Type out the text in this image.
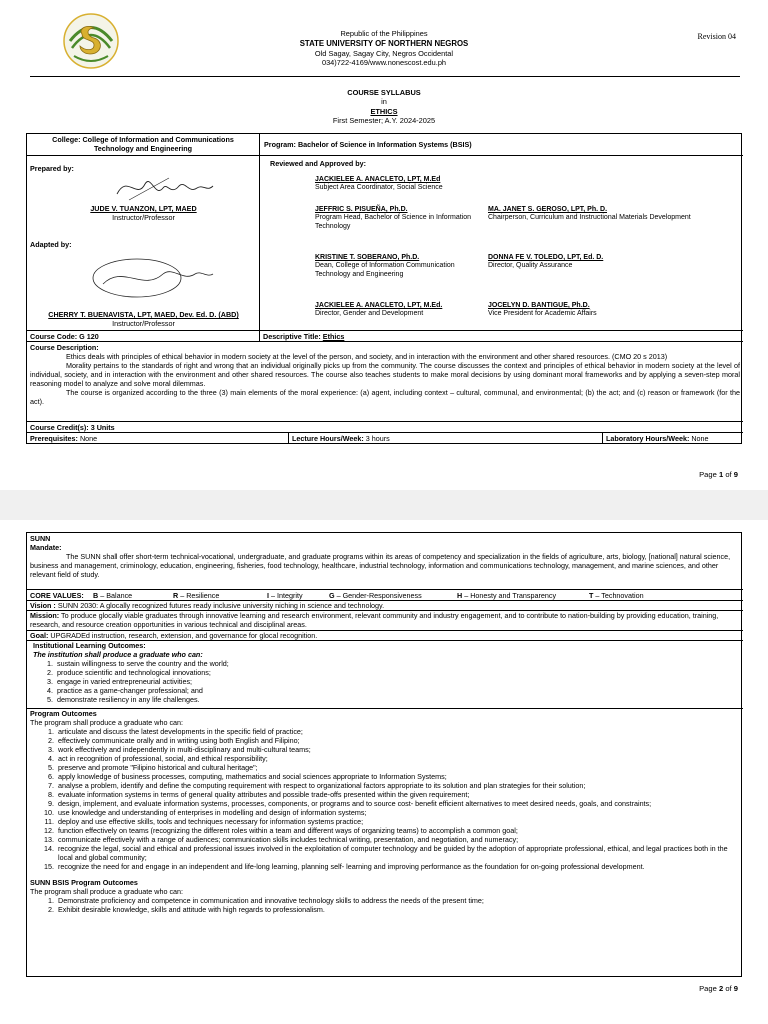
Republic of the Philippines
STATE UNIVERSITY OF NORTHERN NEGROS
Old Sagay, Sagay City, Negros Occidental
034)722-4169/www.nonescost.edu.ph
Revision 04
COURSE SYLLABUS
in
ETHICS
First Semester; A.Y. 2024-2025
College: College of Information and Communications
Technology and Engineering	Program: Bachelor of Science in Information Systems (BSIS)
Prepared by:
JUDE V. TUANZON, LPT, MAED
Instructor/Professor
Adapted by:
CHERRY T. BUENAVISTA, LPT, MAED, Dev. Ed. D. (ABD)
Instructor/Professor
Reviewed and Approved by:
JACKIELEE A. ANACLETO, LPT, M.Ed
Subject Area Coordinator, Social Science
JEFFRIC S. PISUEÑA, Ph.D.
Program Head, Bachelor of Science in Information Technology
MA. JANET S. GEROSO, LPT, Ph. D.
Chairperson, Curriculum and Instructional Materials Development
KRISTINE T. SOBERANO, Ph.D.
Dean, College of Information Communication Technology and Engineering
DONNA FE V. TOLEDO, LPT, Ed. D.
Director, Quality Assurance
JACKIELEE A. ANACLETO, LPT, M.Ed.
Director, Gender and Development
JOCELYN D. BANTIGUE, Ph.D.
Vice President for Academic Affairs
Course Code: G 120	Descriptive Title: Ethics
Course Description:
Ethics deals with principles of ethical behavior in modern society at the level of the person, and society, and in interaction with the environment and other shared resources. (CMO 20 s 2013)
Morality pertains to the standards of right and wrong that an individual originally picks up from the community. The course discusses the context and principles of ethical behavior in modern society at the level of individual, society, and in interaction with the environment and other shared resources. The course also teaches students to make moral decisions by using dominant moral frameworks and by applying a seven-step moral reasoning model to analyze and solve moral dilemmas.
The course is organized according to the three (3) main elements of the moral experience: (a) agent, including context – cultural, communal, and environmental; (b) the act; and (c) reason or framework (for the act).
Course Credit(s): 3 Units
Prerequisites: None	Lecture Hours/Week: 3 hours	Laboratory Hours/Week: None
Page 1 of 9
SUNN
Mandate:
The SUNN shall offer short-term technical-vocational, undergraduate, and graduate programs within its areas of competency and specialization in the fields of agriculture, arts, biology, [national] natural science, business and management, criminology, education, engineering, fisheries, food technology, healthcare, industrial technology, information and communications technology, management, and marine sciences, and other relevant field of study.
CORE VALUES: B – Balance	R – Resilience	I – Integrity	G – Gender-Responsiveness	H – Honesty and Transparency	T – Technovation
Vision : SUNN 2030: A glocally recognized futures ready inclusive university niching in science and technology.
Mission: To produce glocally viable graduates through innovative learning and research environment, relevant community and industry engagement, and to contribute to nation-building by providing education, training, research, and resource creation opportunities in various technical and disciplinal areas.
Goal: UPGRADEd instruction, research, extension, and governance for glocal recognition.
Institutional Learning Outcomes:
The institution shall produce a graduate who can:
1. sustain willingness to serve the country and the world;
2. produce scientific and technological innovations;
3. engage in varied entrepreneurial activities;
4. practice as a game-changer professional; and
5. demonstrate resiliency in any life challenges.
Program Outcomes
The program shall produce a graduate who can:
1. articulate and discuss the latest developments in the specific field of practice;
2. effectively communicate orally and in writing using both English and Filipino;
3. work effectively and independently in multi-disciplinary and multi-cultural teams;
4. act in recognition of professional, social, and ethical responsibility;
5. preserve and promote "Filipino historical and cultural heritage";
6. apply knowledge of business processes, computing, mathematics and social sciences appropriate to Information Systems;
7. analyse a problem, identify and define the computing requirement with respect to organizational factors appropriate to its solution and plan strategies for their solution;
8. evaluate information systems in terms of general quality attributes and possible trade-offs presented within the given requirement;
9. design, implement, and evaluate information systems, processes, components, or programs and to source cost- benefit efficient alternatives to meet desired needs, goals, and constraints;
10. use knowledge and understanding of enterprises in modelling and design of information systems;
11. deploy and use effective skills, tools and techniques necessary for information systems practice;
12. function effectively on teams (recognizing the different roles within a team and different ways of organizing teams) to accomplish a common goal;
13. communicate effectively with a range of audiences; communication skills includes technical writing, presentation, and negotiation, and numeracy;
14. recognize the legal, social and ethical and professional issues involved in the exploitation of computer technology and be guided by the adoption of appropriate professional, ethical, and legal practices both in the local and global community;
15. recognize the need for and engage in an independent and life-long learning, planning self- learning and improving performance as the foundation for on-going professional development.
SUNN BSIS Program Outcomes
The program shall produce a graduate who can:
1. Demonstrate proficiency and competence in communication and innovative technology skills to address the needs of the present time;
2. Exhibit desirable knowledge, skills and attitude with high regards to professionalism.
Page 2 of 9
